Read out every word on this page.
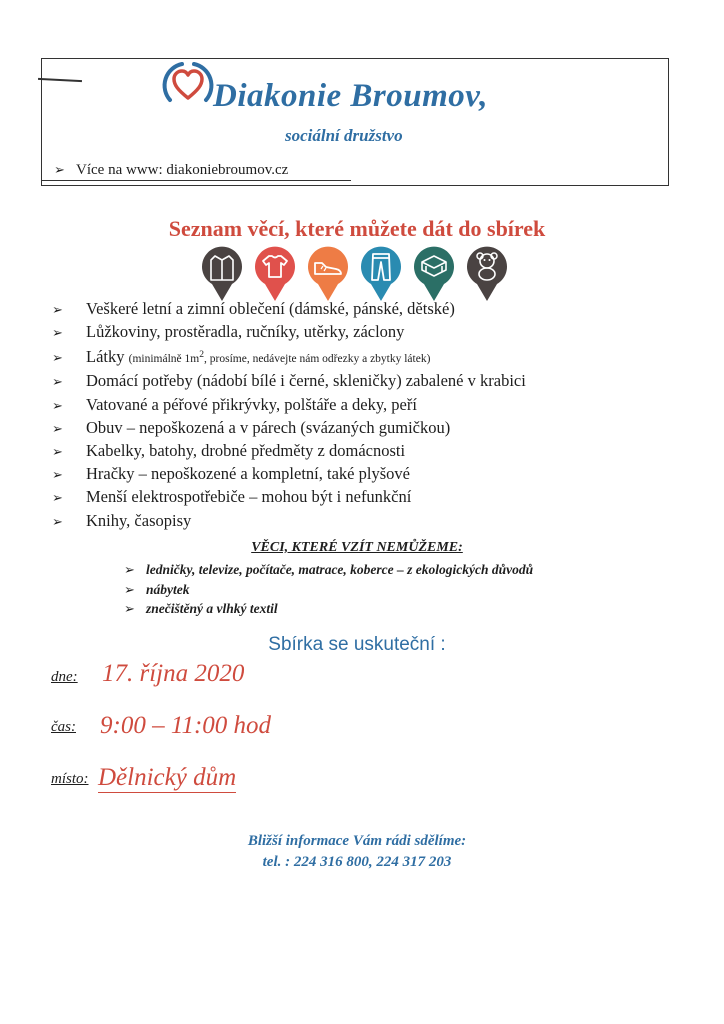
Diakonie Broumov,
sociální družstvo
➢ Více na www: diakoniebroumov.cz
Seznam věcí, které můžete dát do sbírek
➢ Veškeré letní a zimní oblečení (dámské, pánské, dětské)
➢ Lůžkoviny, prostěradla, ručníky, utěrky, záclony
➢ Látky (minimálně $1m^2$, prosíme, nedávejte nám odřezky a zbytky látek)
➢ Domácí potřeby (nádobí bílé i černé, skleničky) zabalené v krabici
➢ Vatované a péřové přikrývky, polštáře a deky, peří
➢ Obuv – nepoškozená a v párech (svázaných gumičkou)
➢ Kabelky, batohy, drobné předměty z domácnosti
➢ Hračky – nepoškozené a kompletní, také plyšové
➢ Menší elektrospotřebiče – mohou být i nefunkční
➢ Knihy, časopisy
VĚCI, KTERÉ VZÍT NEMŮŽEME:
➢ ledničky, televize, počítače, matrace, koberce – z ekologických důvodů
➢ nábytek
➢ znečištěný a vlhký textil
Sbírka se uskuteční :
dne: 17. října 2020
čas: 9:00 – 11:00 hod
místo: Dělnický dům
Bližší informace Vám rádi sdělíme:
tel. : 224 316 800, 224 317 203
